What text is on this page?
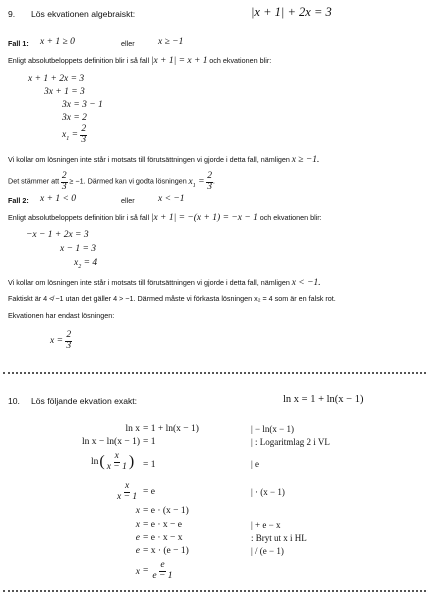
9. Lös ekvationen algebraiskt:	|x + 1| + 2x = 3
Fall 1: x + 1 ≥ 0	eller x ≥ −1
Enligt absolutbeloppets definition blir i så fall |x + 1| = x + 1 och ekvationen blir:
x + 1 + 2x = 3
3x + 1 = 3
3x = 3 − 1
3x = 2
$x_1 = \frac{2}{3}$
Vi kollar om lösningen inte står i motsats till förutsättningen vi gjorde i detta fall, nämligen x ≥ −1.
Det stämmer att $\frac{2}{3} \ge -1$. Därmed kan vi godta lösningen $x_1 = \frac{2}{3}$ .
Fall 2: x + 1 < 0	eller x < −1
Enligt absolutbeloppets definition blir i så fall |x + 1| = −(x + 1) = −x − 1 och ekvationen blir:
−x − 1 + 2x = 3
x − 1 = 3
$x_2 = 4$
Vi kollar om lösningen inte står i motsats till förutsättningen vi gjorde i detta fall, nämligen x < −1.
Faktiskt är 4 ≮ −1 utan det gäller 4 > −1. Därmed måste vi förkasta lösningen x₂ = 4 som är en falsk rot.
Ekvationen har endast lösningen:
$x = \frac{2}{3}$
10. Lös följande ekvation exakt:	ln x = 1 + ln(x − 1)
ln x = 1 + ln(x − 1)	| − ln(x − 1)
ln x − ln(x − 1) = 1	| : Logaritmlag 2 i VL
ln ( $\frac{x}{x - 1}$ ) = 1	| e
$\frac{x}{x - 1} = e$	| · (x − 1)
x = e · (x − 1)
x = e · x − e	| + e − x
e = e · x − x	: Bryt ut x i HL
e = x · (e − 1)	| / (e − 1)
$x = \frac{e}{e - 1}$
